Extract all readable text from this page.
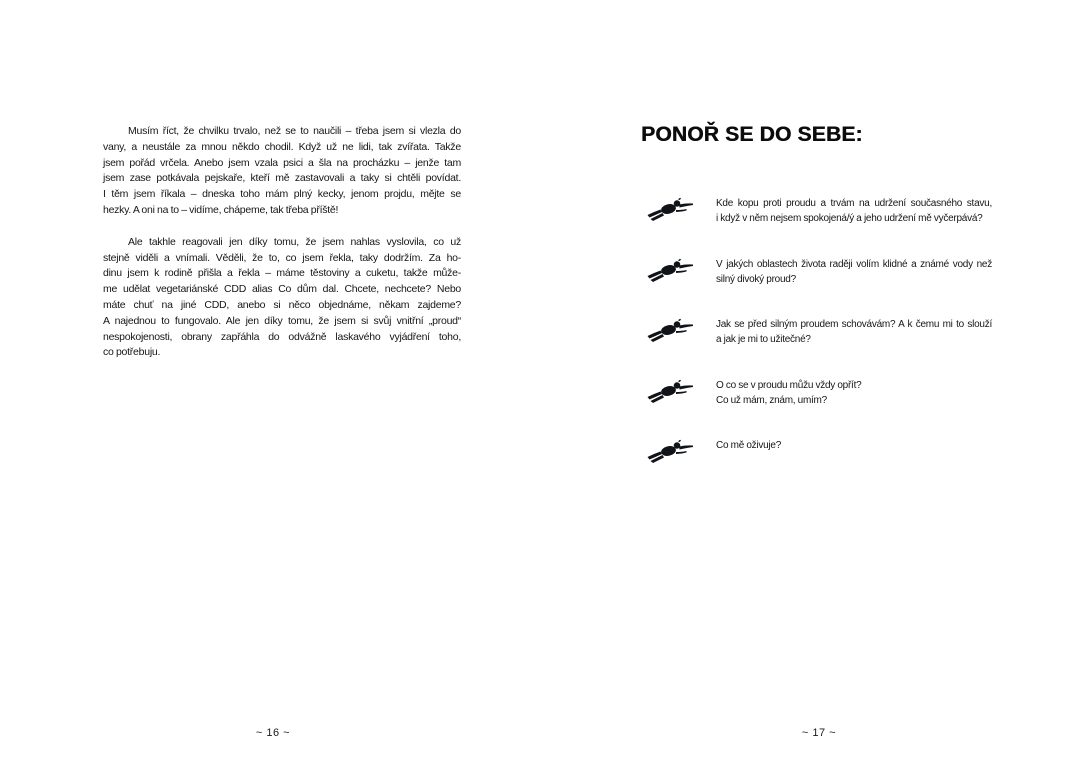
Musím říct, že chvilku trvalo, než se to naučili – třeba jsem si vlezla do
vany, a neustále za mnou někdo chodil. Když už ne lidi, tak zvířata. Takže
jsem pořád vrčela. Anebo jsem vzala psici a šla na procházku – jenže tam
jsem zase potkávala pejskaře, kteří mě zastavovali a taky si chtěli povídat.
I těm jsem říkala – dneska toho mám plný kecky, jenom projdu, mějte se
hezky. A oni na to – vidíme, chápeme, tak třeba příště!
Ale takhle reagovali jen díky tomu, že jsem nahlas vyslovila, co už
stejně viděli a vnímali. Věděli, že to, co jsem řekla, taky dodržím. Za ho-
dinu jsem k rodině přišla a řekla – máme těstoviny a cuketu, takže může-
me udělat vegetariánské CDD alias Co dům dal. Chcete, nechcete? Nebo
máte chuť na jiné CDD, anebo si něco objednáme, někam zajdeme?
A najednou to fungovalo. Ale jen díky tomu, že jsem si svůj vnitřní „proud“
nespokojenosti, obrany zapřáhla do odvážně laskavého vyjádření toho,
co potřebuju.
~ 16 ~
PONOŘ SE DO SEBE:
Kde kopu proti proudu a trvám na udržení současného stavu,
i když v něm nejsem spokojená/ý a jeho udržení mě vyčerpává?
V jakých oblastech života raději volím klidné a známé vody než
silný divoký proud?
Jak se před silným proudem schovávám? A k čemu mi to slouží
a jak je mi to užitečné?
O co se v proudu můžu vždy opřít?
Co už mám, znám, umím?
Co mě oživuje?
~ 17 ~
